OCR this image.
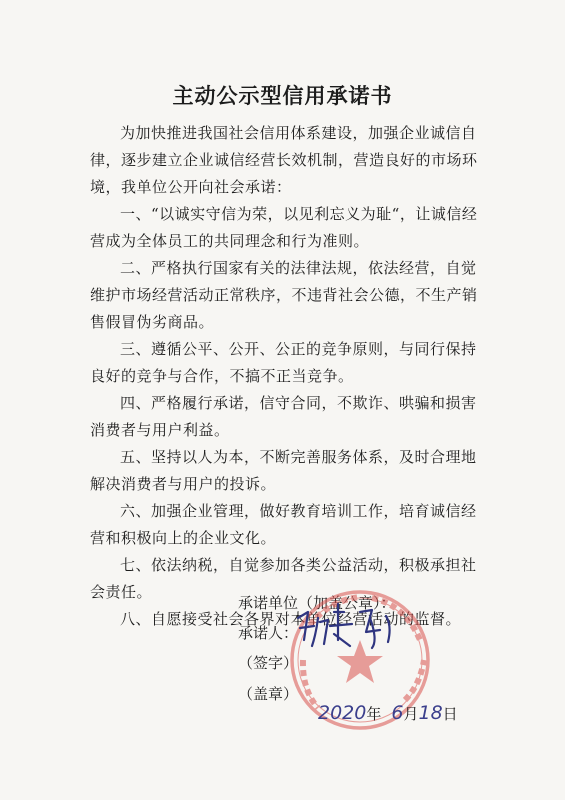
主动公示型信用承诺书

为加快推进我国社会信用体系建设，加强企业诚信自律，逐步建立企业诚信经营长效机制，营造良好的市场环境，我单位公开向社会承诺：

一、“以诚实守信为荣，以见利忘义为耻“，让诚信经营成为全体员工的共同理念和行为准则。

二、严格执行国家有关的法律法规，依法经营，自觉维护市场经营活动正常秩序，不违背社会公德，不生产销售假冒伪劣商品。

三、遵循公平、公开、公正的竞争原则，与同行保持良好的竞争与合作，不搞不正当竞争。

四、严格履行承诺，信守合同，不欺诈、哄骗和损害消费者与用户利益。

五、坚持以人为本，不断完善服务体系，及时合理地解决消费者与用户的投诉。

六、加强企业管理，做好教育培训工作，培育诚信经营和积极向上的企业文化。

七、依法纳税，自觉参加各类公益活动，积极承担社会责任。

八、自愿接受社会各界对本单位经营活动的监督。

承诺单位（加盖公章）：
承诺人：
（签字）
（盖章）
2020年 6月18日
